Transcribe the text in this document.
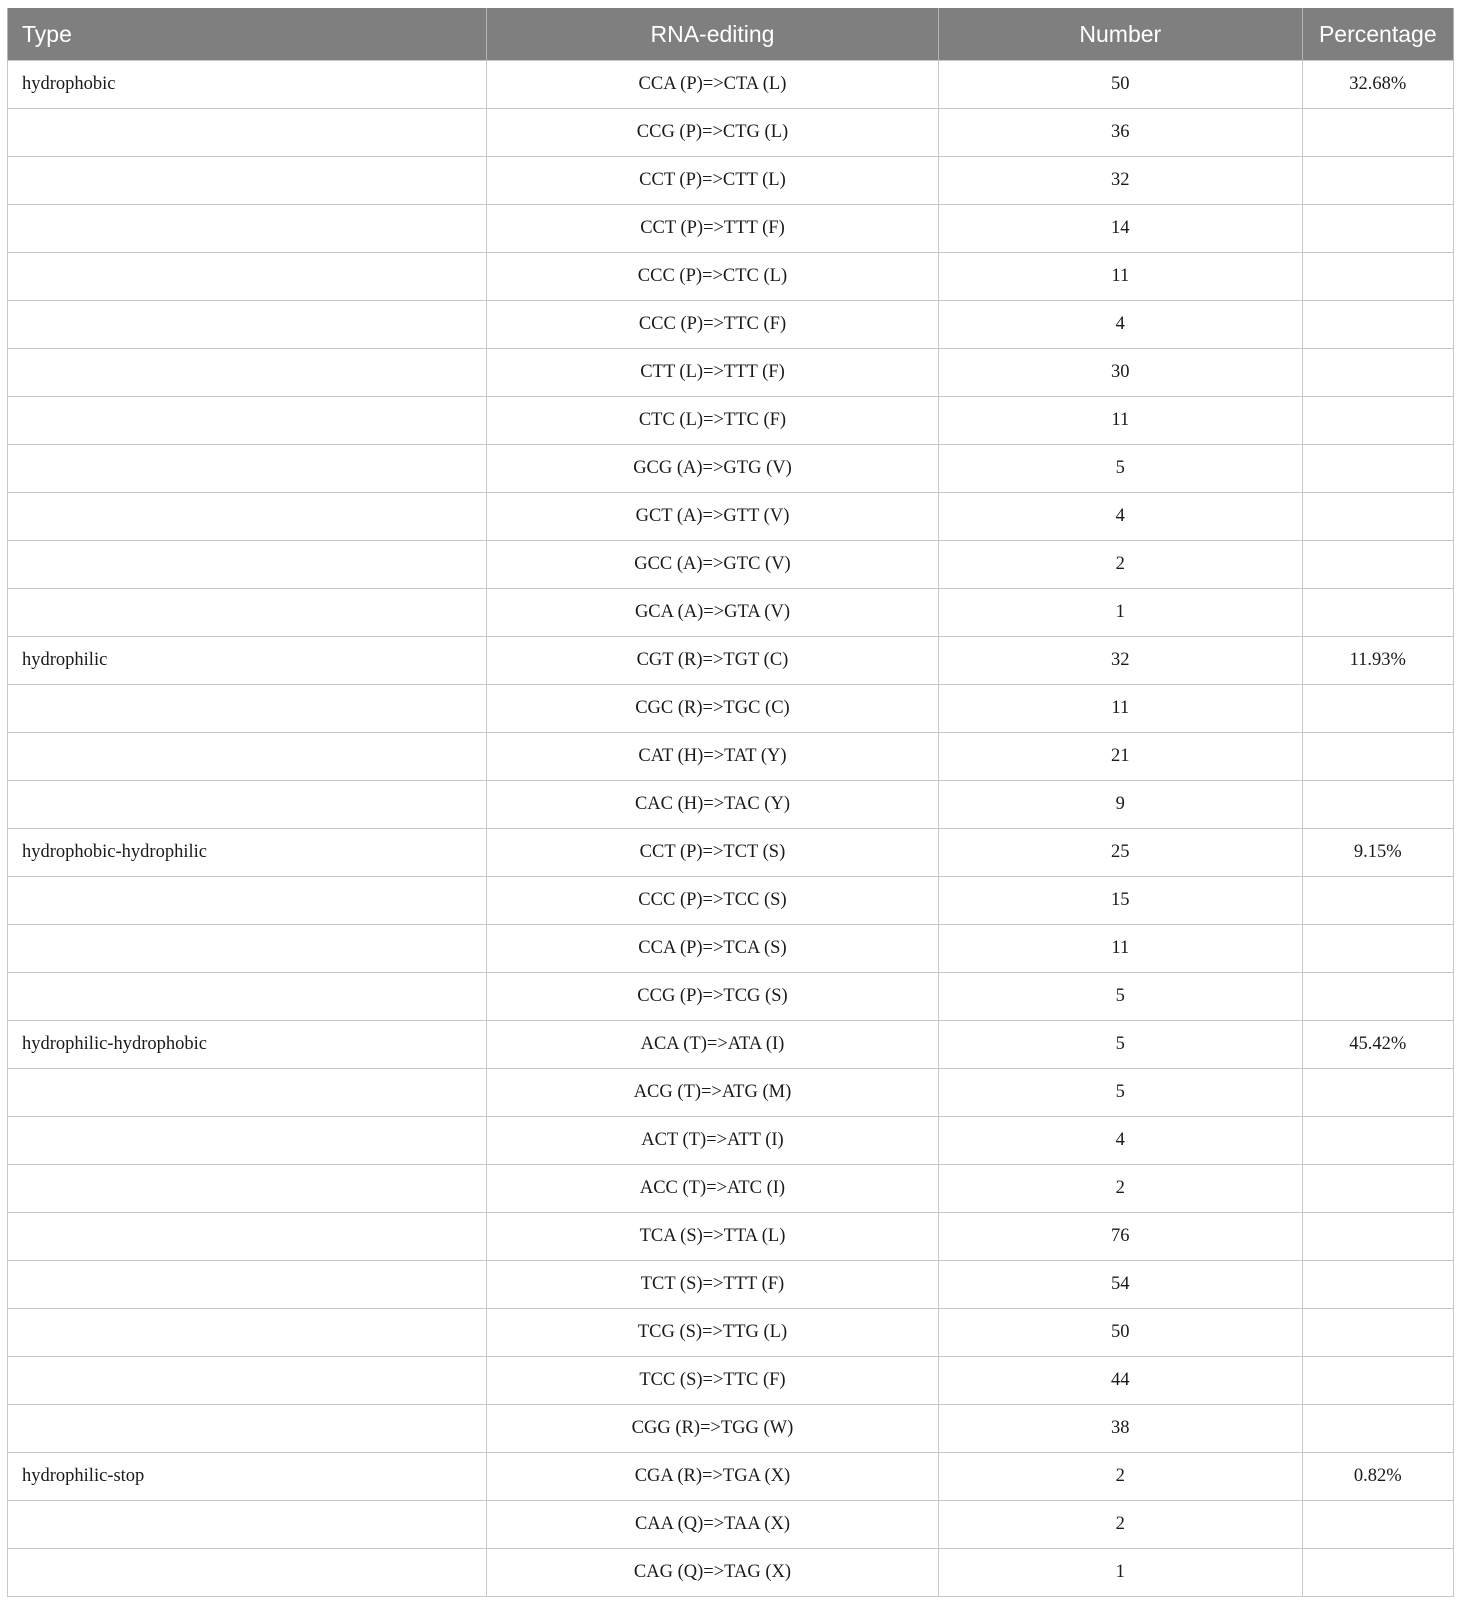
Type	RNA-editing	Number	Percentage
hydrophobic	CCA (P)=>CTA (L)	50	32.68%
	CCG (P)=>CTG (L)	36	
	CCT (P)=>CTT (L)	32	
	CCT (P)=>TTT (F)	14	
	CCC (P)=>CTC (L)	11	
	CCC (P)=>TTC (F)	4	
	CTT (L)=>TTT (F)	30	
	CTC (L)=>TTC (F)	11	
	GCG (A)=>GTG (V)	5	
	GCT (A)=>GTT (V)	4	
	GCC (A)=>GTC (V)	2	
	GCA (A)=>GTA (V)	1	
hydrophilic	CGT (R)=>TGT (C)	32	11.93%
	CGC (R)=>TGC (C)	11	
	CAT (H)=>TAT (Y)	21	
	CAC (H)=>TAC (Y)	9	
hydrophobic-hydrophilic	CCT (P)=>TCT (S)	25	9.15%
	CCC (P)=>TCC (S)	15	
	CCA (P)=>TCA (S)	11	
	CCG (P)=>TCG (S)	5	
hydrophilic-hydrophobic	ACA (T)=>ATA (I)	5	45.42%
	ACG (T)=>ATG (M)	5	
	ACT (T)=>ATT (I)	4	
	ACC (T)=>ATC (I)	2	
	TCA (S)=>TTA (L)	76	
	TCT (S)=>TTT (F)	54	
	TCG (S)=>TTG (L)	50	
	TCC (S)=>TTC (F)	44	
	CGG (R)=>TGG (W)	38	
hydrophilic-stop	CGA (R)=>TGA (X)	2	0.82%
	CAA (Q)=>TAA (X)	2	
	CAG (Q)=>TAG (X)	1	
